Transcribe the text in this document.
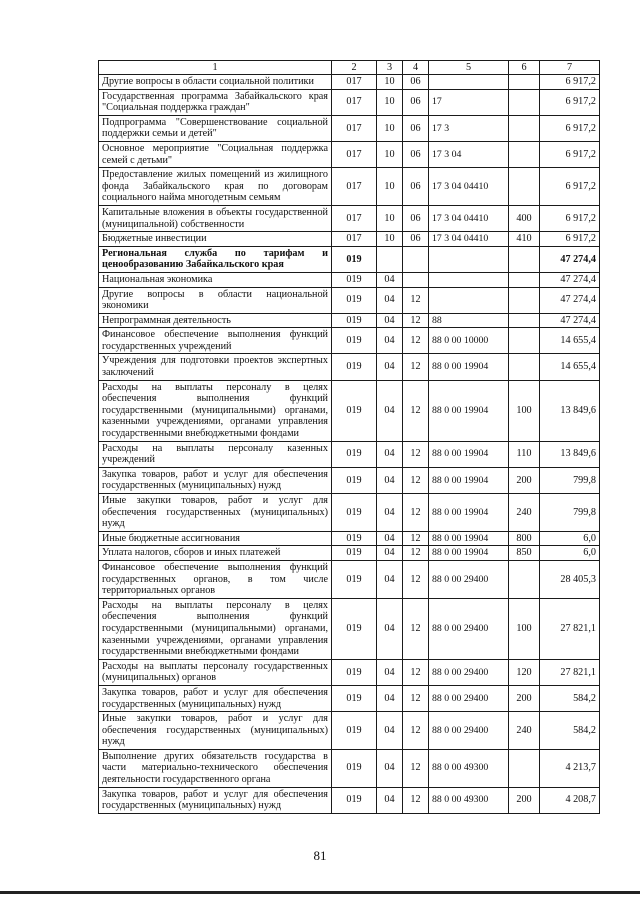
1	2	3	4	5	6	7
Другие вопросы в области социальной политики	017	10	06			6 917,2
Государственная программа Забайкальского края "Социальная поддержка граждан"	017	10	06	17		6 917,2
Подпрограмма "Совершенствование социальной поддержки семьи и детей"	017	10	06	17 3		6 917,2
Основное мероприятие "Социальная поддержка семей с детьми"	017	10	06	17 3 04		6 917,2
Предоставление жилых помещений из жилищного фонда Забайкальского края по договорам социального найма многодетным семьям	017	10	06	17 3 04 04410		6 917,2
Капитальные вложения в объекты государственной (муниципальной) собственности	017	10	06	17 3 04 04410	400	6 917,2
Бюджетные инвестиции	017	10	06	17 3 04 04410	410	6 917,2
Региональная служба по тарифам и ценообразованию Забайкальского края	019					47 274,4
Национальная экономика	019	04				47 274,4
Другие вопросы в области национальной экономики	019	04	12			47 274,4
Непрограммная деятельность	019	04	12	88		47 274,4
Финансовое обеспечение выполнения функций государственных учреждений	019	04	12	88 0 00 10000		14 655,4
Учреждения для подготовки проектов экспертных заключений	019	04	12	88 0 00 19904		14 655,4
Расходы на выплаты персоналу в целях обеспечения выполнения функций государственными (муниципальными) органами, казенными учреждениями, органами управления государственными внебюджетными фондами	019	04	12	88 0 00 19904	100	13 849,6
Расходы на выплаты персоналу казенных учреждений	019	04	12	88 0 00 19904	110	13 849,6
Закупка товаров, работ и услуг для обеспечения государственных (муниципальных) нужд	019	04	12	88 0 00 19904	200	799,8
Иные закупки товаров, работ и услуг для обеспечения государственных (муниципальных) нужд	019	04	12	88 0 00 19904	240	799,8
Иные бюджетные ассигнования	019	04	12	88 0 00 19904	800	6,0
Уплата налогов, сборов и иных платежей	019	04	12	88 0 00 19904	850	6,0
Финансовое обеспечение выполнения функций государственных органов, в том числе территориальных органов	019	04	12	88 0 00 29400		28 405,3
Расходы на выплаты персоналу в целях обеспечения выполнения функций государственными (муниципальными) органами, казенными учреждениями, органами управления государственными внебюджетными фондами	019	04	12	88 0 00 29400	100	27 821,1
Расходы на выплаты персоналу государственных (муниципальных) органов	019	04	12	88 0 00 29400	120	27 821,1
Закупка товаров, работ и услуг для обеспечения государственных (муниципальных) нужд	019	04	12	88 0 00 29400	200	584,2
Иные закупки товаров, работ и услуг для обеспечения государственных (муниципальных) нужд	019	04	12	88 0 00 29400	240	584,2
Выполнение других обязательств государства в части материально-технического обеспечения деятельности государственного органа	019	04	12	88 0 00 49300		4 213,7
Закупка товаров, работ и услуг для обеспечения государственных (муниципальных) нужд	019	04	12	88 0 00 49300	200	4 208,7
81
